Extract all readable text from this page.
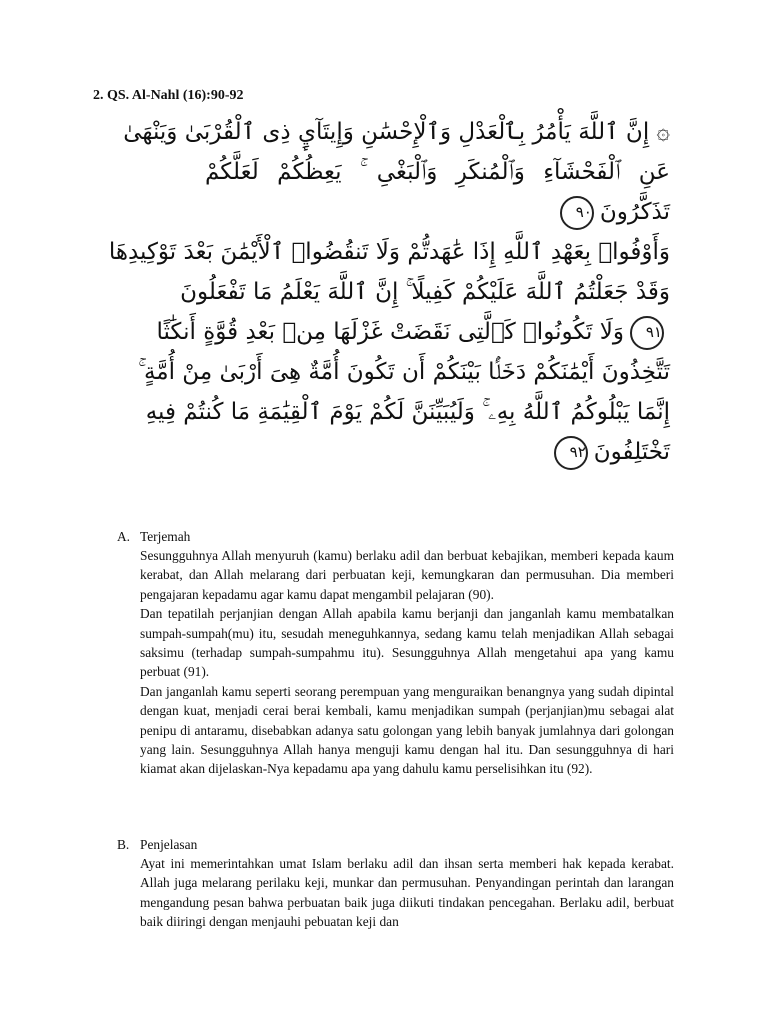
2. QS. Al-Nahl (16):90-92
۞ إِنَّ ٱللَّهَ يَأْمُرُ بِٱلْعَدْلِ وَٱلْإِحْسَٰنِ وَإِيتَآيِٕ ذِى ٱلْقُرْبَىٰ وَيَنْهَىٰ
عَنِ ٱلْفَحْشَآءِ وَٱلْمُنكَرِ وَٱلْبَغْىِ ۚ يَعِظُكُمْ لَعَلَّكُمْ
تَذَكَّرُونَ٩٠
وَأَوْفُوا۟ بِعَهْدِ ٱللَّهِ إِذَا عَٰهَدتُّمْ وَلَا تَنقُضُوا۟ ٱلْأَيْمَٰنَ بَعْدَ تَوْكِيدِهَا
وَقَدْ جَعَلْتُمُ ٱللَّهَ عَلَيْكُمْ كَفِيلًا ۚ إِنَّ ٱللَّهَ يَعْلَمُ مَا تَفْعَلُونَ
٩١وَلَا تَكُونُوا۟ كَٱلَّتِى نَقَضَتْ غَزْلَهَا مِنۢ بَعْدِ قُوَّةٍ أَنكَٰثًا
تَتَّخِذُونَ أَيْمَٰنَكُمْ دَخَلًۢا بَيْنَكُمْ أَن تَكُونَ أُمَّةٌ هِىَ أَرْبَىٰ مِنْ أُمَّةٍ ۚ
إِنَّمَا يَبْلُوكُمُ ٱللَّهُ بِهِۦ ۚ وَلَيُبَيِّنَنَّ لَكُمْ يَوْمَ ٱلْقِيَٰمَةِ مَا كُنتُمْ فِيهِ
تَخْتَلِفُونَ٩٢
A. Terjemah

Sesungguhnya Allah menyuruh (kamu) berlaku adil dan berbuat kebajikan, memberi kepada kaum kerabat, dan Allah melarang dari perbuatan keji, kemungkaran dan permusuhan. Dia memberi pengajaran kepadamu agar kamu dapat mengambil pelajaran (90).

Dan tepatilah perjanjian dengan Allah apabila kamu berjanji dan janganlah kamu membatalkan sumpah-sumpah(mu) itu, sesudah meneguhkannya, sedang kamu telah menjadikan Allah sebagai saksimu (terhadap sumpah-sumpahmu itu). Sesungguhnya Allah mengetahui apa yang kamu perbuat (91).

Dan janganlah kamu seperti seorang perempuan yang menguraikan benangnya yang sudah dipintal dengan kuat, menjadi cerai berai kembali, kamu menjadikan sumpah (perjanjian)mu sebagai alat penipu di antaramu, disebabkan adanya satu golongan yang lebih banyak jumlahnya dari golongan yang lain. Sesungguhnya Allah hanya menguji kamu dengan hal itu. Dan sesungguhnya di hari kiamat akan dijelaskan-Nya kepadamu apa yang dahulu kamu perselisihkan itu (92).

B. Penjelasan

Ayat ini memerintahkan umat Islam berlaku adil dan ihsan serta memberi hak kepada kerabat. Allah juga melarang perilaku keji, munkar dan permusuhan. Penyandingan perintah dan larangan mengandung pesan bahwa perbuatan baik juga diikuti tindakan pencegahan. Berlaku adil, berbuat baik diiringi dengan menjauhi pebuatan keji dan
